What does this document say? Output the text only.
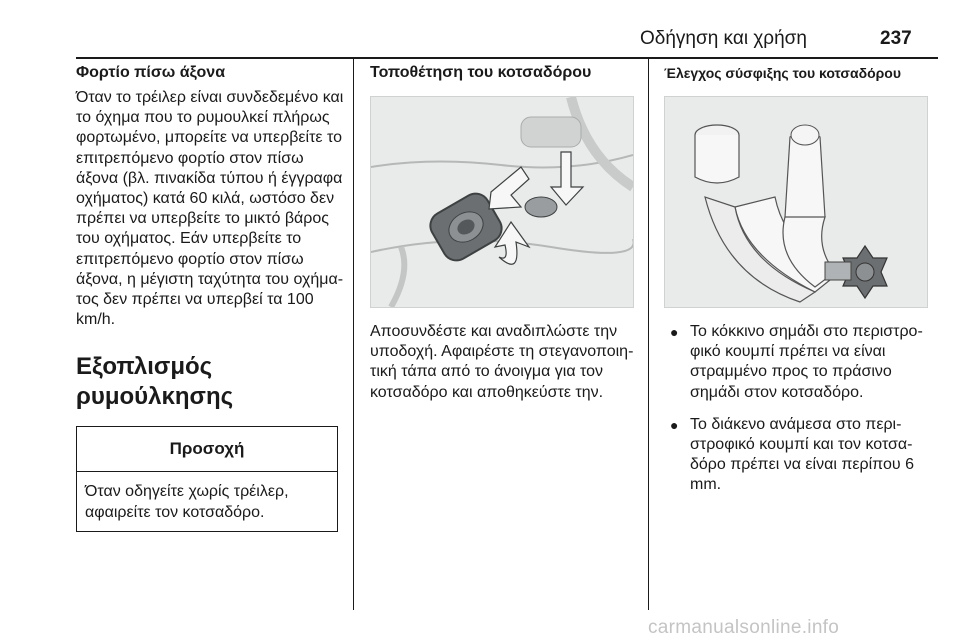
Οδήγηση και χρήση	237

Φορτίο πίσω άξονα

Όταν το τρέιλερ είναι συνδεδεμένο και το όχημα που το ρυμουλκεί πλήρως φορτωμένο, μπορείτε να υπερβείτε το επιτρεπόμενο φορτίο στον πίσω άξονα (βλ. πινακίδα τύπου ή έγγραφα οχήματος) κατά 60 κιλά, ωστόσο δεν πρέπει να υπερβείτε το μικτό βάρος του οχήματος. Εάν υπερβείτε το επιτρεπόμενο φορτίο στον πίσω άξονα, η μέγιστη ταχύτητα του οχήματος δεν πρέπει να υπερβεί τα 100 km/h.

Εξοπλισμός ρυμούλκησης

Προσοχή
Όταν οδηγείτε χωρίς τρέιλερ, αφαιρείτε τον κοτσαδόρο.

Τοποθέτηση του κοτσαδόρου

Αποσυνδέστε και αναδιπλώστε την υποδοχή. Αφαιρέστε τη στεγανοποιητική τάπα από το άνοιγμα για τον κοτσαδόρο και αποθηκεύστε την.

Έλεγχος σύσφιξης του κοτσαδόρου

● Το κόκκινο σημάδι στο περιστροφικό κουμπί πρέπει να είναι στραμμένο προς το πράσινο σημάδι στον κοτσαδόρο.
● Το διάκενο ανάμεσα στο περιστροφικό κουμπί και τον κοτσαδόρο πρέπει να είναι περίπου 6 mm.
carmanualsonline.info
